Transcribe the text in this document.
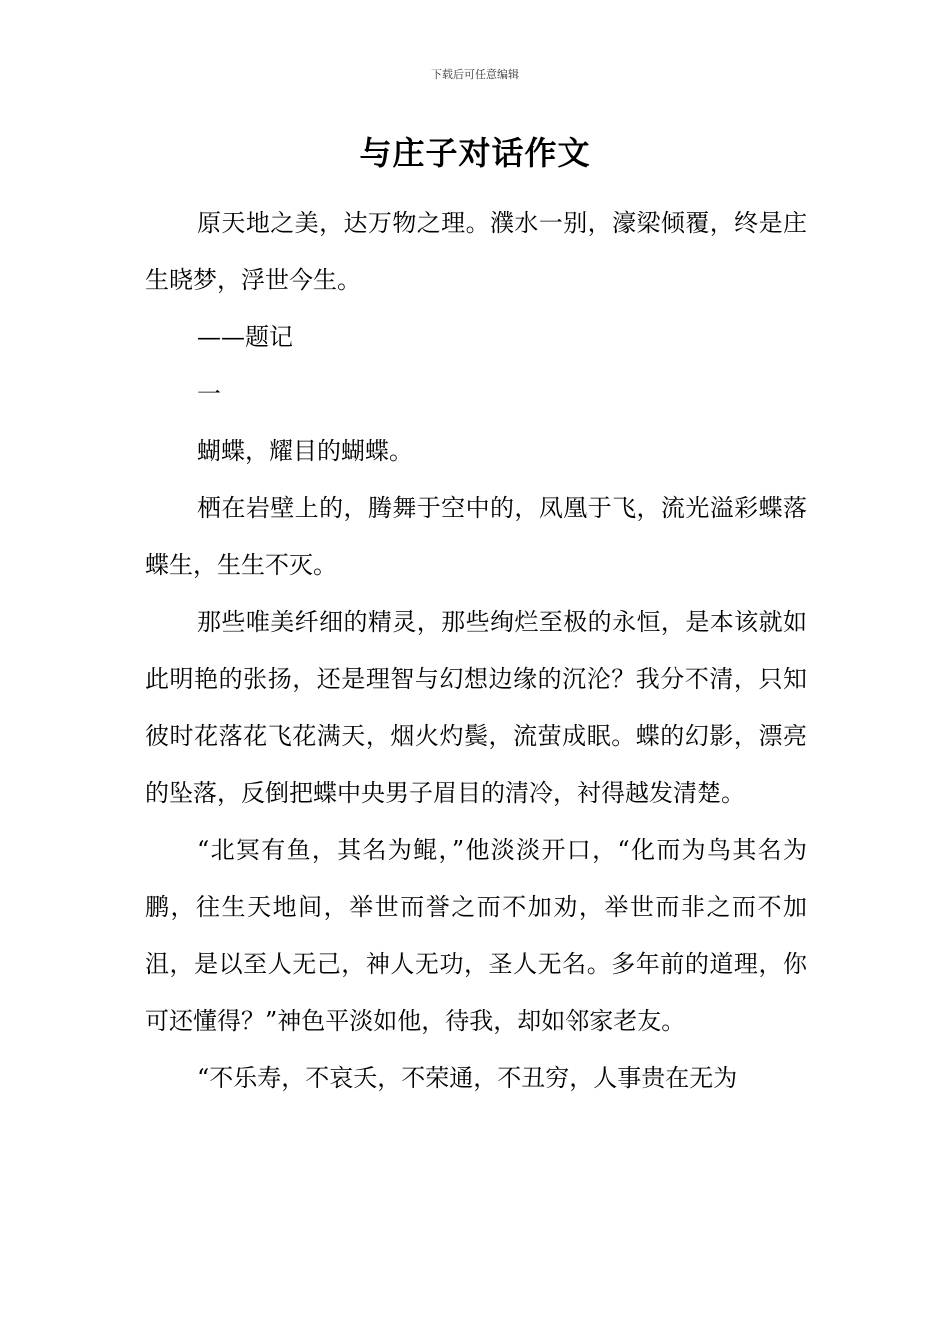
下载后可任意编辑
与庄子对话作文

原天地之美，达万物之理。濮水一别，濠梁倾覆，终是庄生晓梦，浮世今生。

——题记

一

蝴蝶，耀目的蝴蝶。

栖在岩壁上的，腾舞于空中的，凤凰于飞，流光溢彩蝶落蝶生，生生不灭。

那些唯美纤细的精灵，那些绚烂至极的永恒，是本该就如此明艳的张扬，还是理智与幻想边缘的沉沦？我分不清，只知彼时花落花飞花满天，烟火灼鬓，流萤成眠。蝶的幻影，漂亮的坠落，反倒把蝶中央男子眉目的清冷，衬得越发清楚。

“北冥有鱼，其名为鲲，”他淡淡开口，“化而为鸟其名为鹏，往生天地间，举世而誉之而不加劝，举世而非之而不加沮，是以至人无己，神人无功，圣人无名。多年前的道理，你可还懂得？”神色平淡如他，待我，却如邻家老友。

“不乐寿，不哀夭，不荣通，不丑穷，人事贵在无为
